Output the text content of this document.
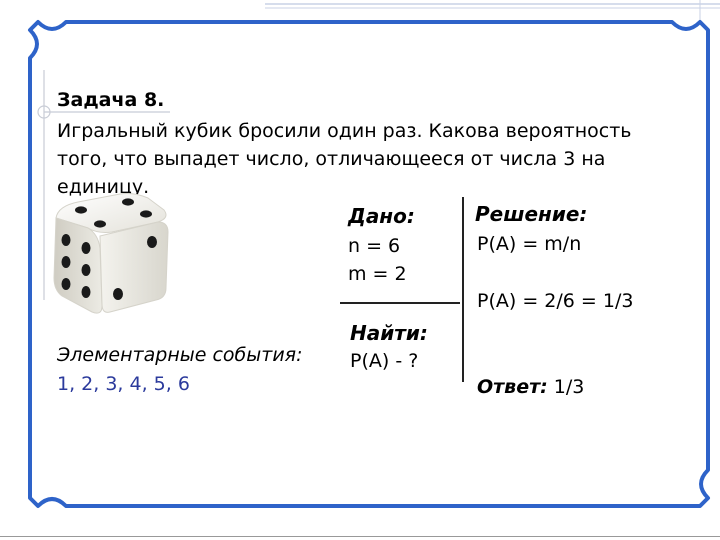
Задача 8.
Игральный кубик бросили один раз. Какова вероятность
того, что выпадет число, отличающееся от числа 3 на
единицу.
Дано:
n = 6
m = 2
Найти:
P(A) - ?
Решение:
P(A) = m/n
P(A) = 2/6 = 1/3
Ответ: 1/3
Элементарные события:
1, 2, 3, 4, 5, 6
